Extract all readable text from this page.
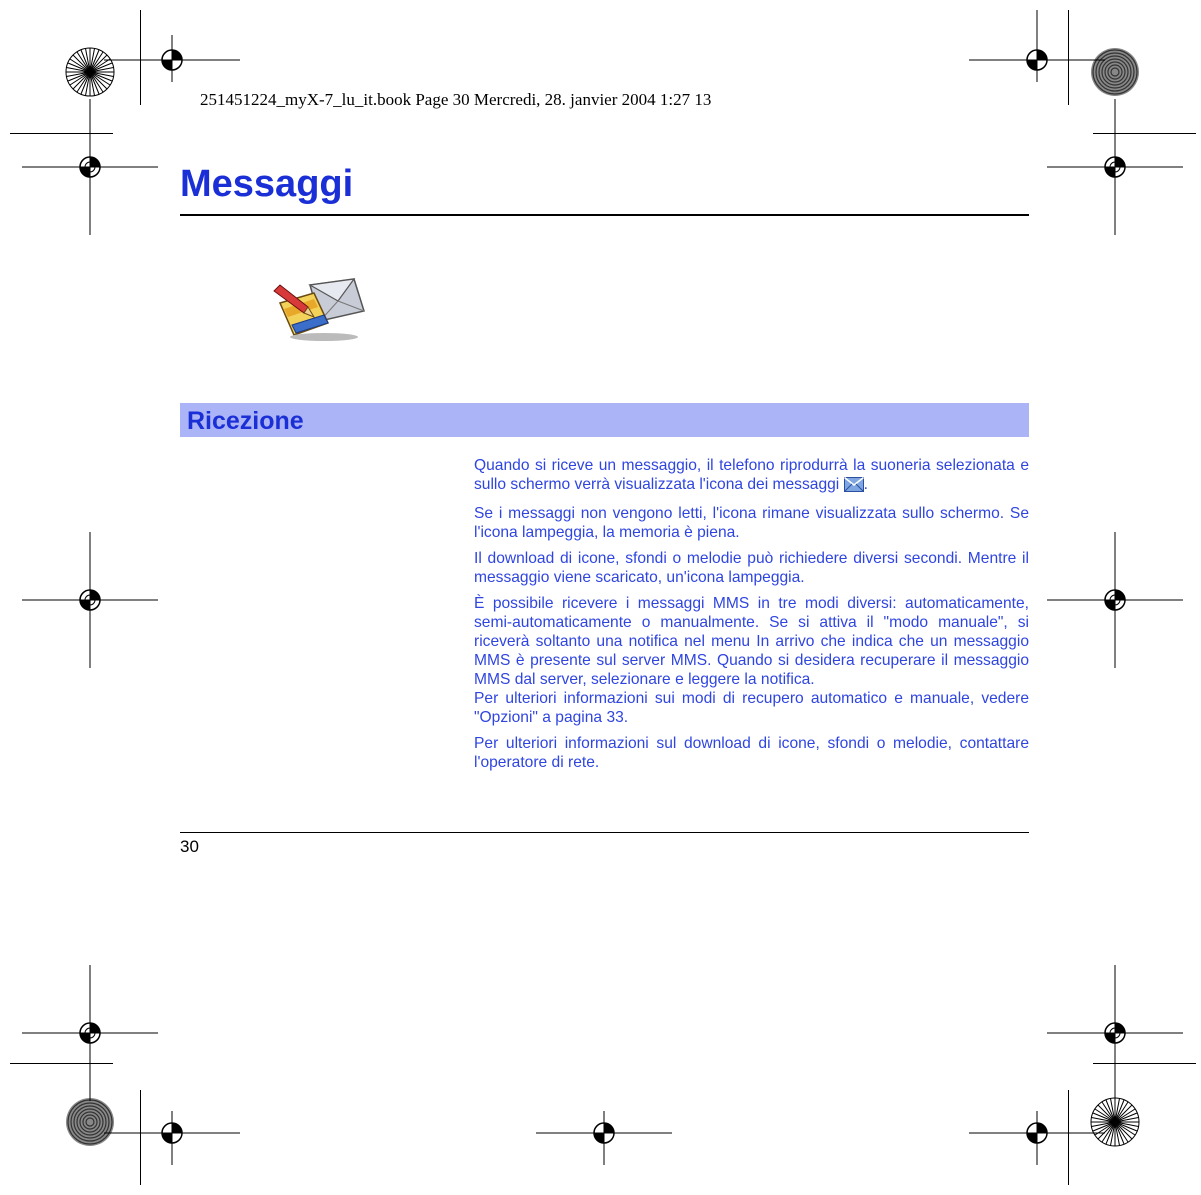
251451224_myX-7_lu_it.book Page 30 Mercredi, 28. janvier 2004 1:27 13
Messaggi
Ricezione

Quando si riceve un messaggio, il telefono riprodurrà la suoneria selezionata e sullo schermo verrà visualizzata l'icona dei messaggi .

Se i messaggi non vengono letti, l'icona rimane visualizzata sullo schermo. Se l'icona lampeggia, la memoria è piena.

Il download di icone, sfondi o melodie può richiedere diversi secondi. Mentre il messaggio viene scaricato, un'icona lampeggia.

È possibile ricevere i messaggi MMS in tre modi diversi: automaticamente, semi-automaticamente o manualmente. Se si attiva il "modo manuale", si riceverà soltanto una notifica nel menu In arrivo che indica che un messaggio MMS è presente sul server MMS. Quando si desidera recuperare il messaggio MMS dal server, selezionare e leggere la notifica.

Per ulteriori informazioni sui modi di recupero automatico e manuale, vedere "Opzioni" a pagina 33.

Per ulteriori informazioni sul download di icone, sfondi o melodie, contattare l'operatore di rete.

30
